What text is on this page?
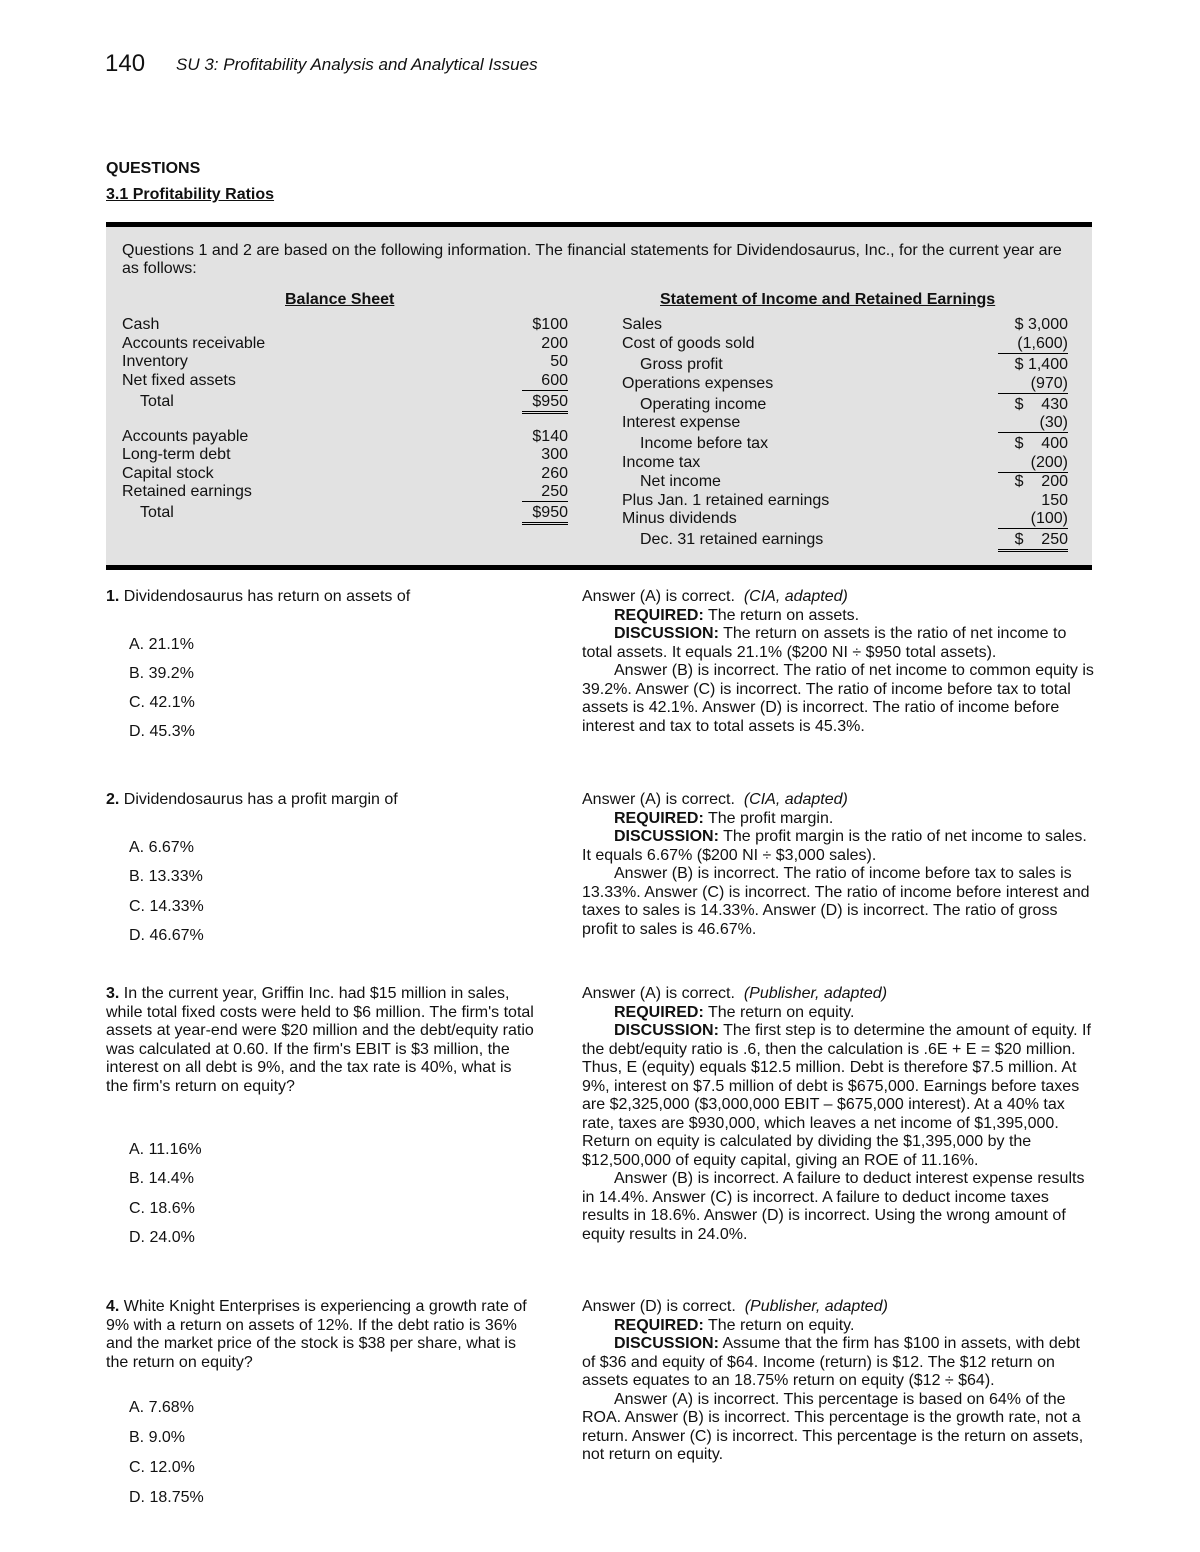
140 SU 3: Profitability Analysis and Analytical Issues
QUESTIONS
3.1 Profitability Ratios
Questions 1 and 2 are based on the following information. The financial statements for Dividendosaurus, Inc., for the current year are as follows:
Balance Sheet
Cash	$100
Accounts receivable	200
Inventory	50
Net fixed assets	600
Total	$950
Accounts payable	$140
Long-term debt	300
Capital stock	260
Retained earnings	250
Total	$950
Statement of Income and Retained Earnings
Sales	$ 3,000
Cost of goods sold	(1,600)
Gross profit	$ 1,400
Operations expenses	(970)
Operating income	$    430
Interest expense	(30)
Income before tax	$    400
Income tax	(200)
Net income	$    200
Plus Jan. 1 retained earnings	150
Minus dividends	(100)
Dec. 31 retained earnings	$    250
1. Dividendosaurus has return on assets of
A. 21.1%
B. 39.2%
C. 42.1%
D. 45.3%

Answer (A) is correct. (CIA, adapted)

REQUIRED: The return on assets.

DISCUSSION: The return on assets is the ratio of net income to total assets. It equals 21.1% ($200 NI ÷ $950 total assets).

Answer (B) is incorrect. The ratio of net income to common equity is 39.2%. Answer (C) is incorrect. The ratio of income before tax to total assets is 42.1%. Answer (D) is incorrect. The ratio of income before interest and tax to total assets is 45.3%.

2. Dividendosaurus has a profit margin of
A. 6.67%
B. 13.33%
C. 14.33%
D. 46.67%

Answer (A) is correct. (CIA, adapted)

REQUIRED: The profit margin.

DISCUSSION: The profit margin is the ratio of net income to sales. It equals 6.67% ($200 NI ÷ $3,000 sales).

Answer (B) is incorrect. The ratio of income before tax to sales is 13.33%. Answer (C) is incorrect. The ratio of income before interest and taxes to sales is 14.33%. Answer (D) is incorrect. The ratio of gross profit to sales is 46.67%.

3. In the current year, Griffin Inc. had $15 million in sales, while total fixed costs were held to $6 million. The firm's total assets at year-end were $20 million and the debt/equity ratio was calculated at 0.60. If the firm's EBIT is $3 million, the interest on all debt is 9%, and the tax rate is 40%, what is the firm's return on equity?
A. 11.16%
B. 14.4%
C. 18.6%
D. 24.0%

Answer (A) is correct. (Publisher, adapted)

REQUIRED: The return on equity.

DISCUSSION: The first step is to determine the amount of equity. If the debt/equity ratio is .6, then the calculation is .6E + E = $20 million. Thus, E (equity) equals $12.5 million. Debt is therefore $7.5 million. At 9%, interest on $7.5 million of debt is $675,000. Earnings before taxes are $2,325,000 ($3,000,000 EBIT – $675,000 interest). At a 40% tax rate, taxes are $930,000, which leaves a net income of $1,395,000. Return on equity is calculated by dividing the $1,395,000 by the $12,500,000 of equity capital, giving an ROE of 11.16%.

Answer (B) is incorrect. A failure to deduct interest expense results in 14.4%. Answer (C) is incorrect. A failure to deduct income taxes results in 18.6%. Answer (D) is incorrect. Using the wrong amount of equity results in 24.0%.

4. White Knight Enterprises is experiencing a growth rate of 9% with a return on assets of 12%. If the debt ratio is 36% and the market price of the stock is $38 per share, what is the return on equity?
A. 7.68%
B. 9.0%
C. 12.0%
D. 18.75%

Answer (D) is correct. (Publisher, adapted)

REQUIRED: The return on equity.

DISCUSSION: Assume that the firm has $100 in assets, with debt of $36 and equity of $64. Income (return) is $12. The $12 return on assets equates to an 18.75% return on equity ($12 ÷ $64).

Answer (A) is incorrect. This percentage is based on 64% of the ROA. Answer (B) is incorrect. This percentage is the growth rate, not a return. Answer (C) is incorrect. This percentage is the return on assets, not return on equity.
